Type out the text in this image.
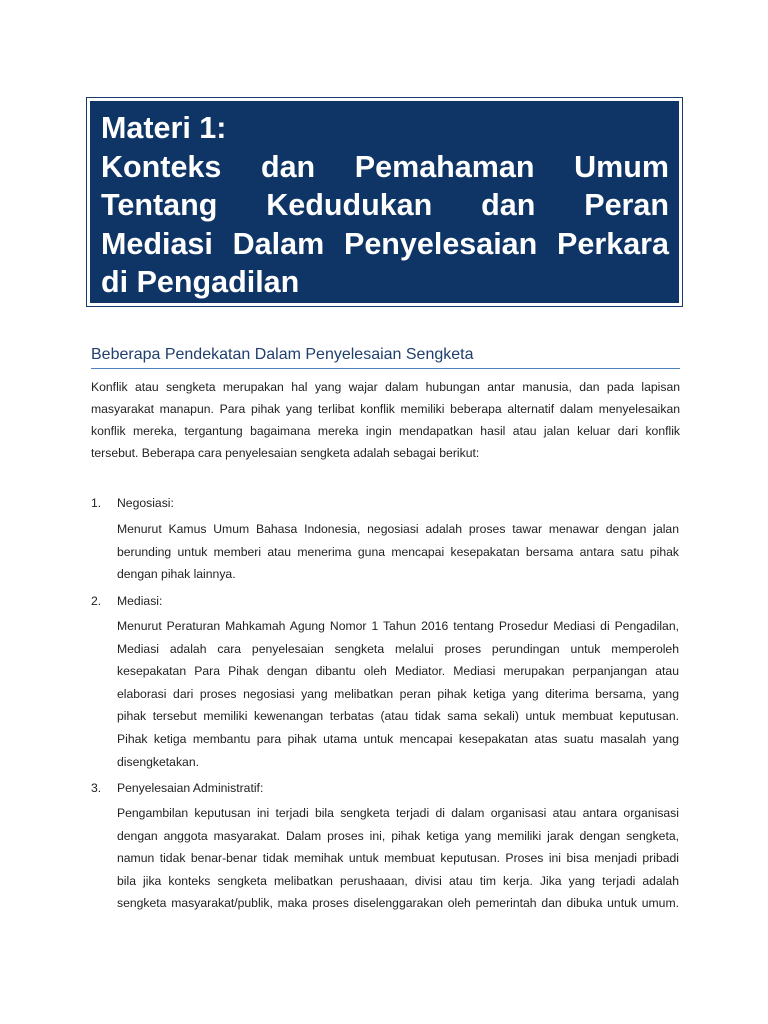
Materi 1:
Konteks dan Pemahaman Umum
Tentang Kedudukan dan Peran
Mediasi Dalam Penyelesaian Perkara
di Pengadilan
Beberapa Pendekatan Dalam Penyelesaian Sengketa
Konflik atau sengketa merupakan hal yang wajar dalam hubungan antar manusia, dan pada lapisan
masyarakat manapun. Para pihak yang terlibat konflik memiliki beberapa alternatif dalam menyelesaikan
konflik mereka, tergantung bagaimana mereka ingin mendapatkan hasil atau jalan keluar dari konflik
tersebut. Beberapa cara penyelesaian sengketa adalah sebagai berikut:
1. Negosiasi:
Menurut Kamus Umum Bahasa Indonesia, negosiasi adalah proses tawar menawar dengan jalan
berunding untuk memberi atau menerima guna mencapai kesepakatan bersama antara satu pihak
dengan pihak lainnya.
2. Mediasi:
Menurut Peraturan Mahkamah Agung Nomor 1 Tahun 2016 tentang Prosedur Mediasi di Pengadilan,
Mediasi adalah cara penyelesaian sengketa melalui proses perundingan untuk memperoleh
kesepakatan Para Pihak dengan dibantu oleh Mediator. Mediasi merupakan perpanjangan atau
elaborasi dari proses negosiasi yang melibatkan peran pihak ketiga yang diterima bersama, yang
pihak tersebut memiliki kewenangan terbatas (atau tidak sama sekali) untuk membuat keputusan.
Pihak ketiga membantu para pihak utama untuk mencapai kesepakatan atas suatu masalah yang
disengketakan.
3. Penyelesaian Administratif:
Pengambilan keputusan ini terjadi bila sengketa terjadi di dalam organisasi atau antara organisasi
dengan anggota masyarakat. Dalam proses ini, pihak ketiga yang memiliki jarak dengan sengketa,
namun tidak benar-benar tidak memihak untuk membuat keputusan. Proses ini bisa menjadi pribadi
bila jika konteks sengketa melibatkan perushaaan, divisi atau tim kerja. Jika yang terjadi adalah
sengketa masyarakat/publik, maka proses diselenggarakan oleh pemerintah dan dibuka untuk umum.
